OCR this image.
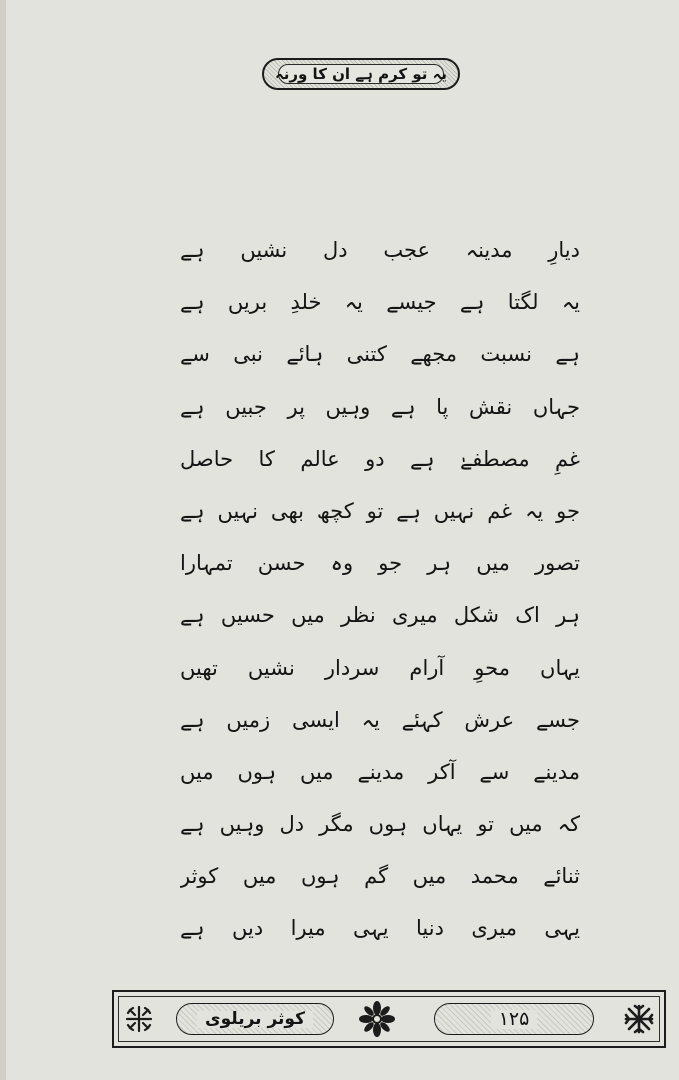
یہ تو کرم ہے ان کا ورنہ
دیارِ مدینہ عجب دل نشیں ہے
یہ لگتا ہے جیسے یہ خلدِ بریں ہے
ہے نسبت مجھے کتنی ہائے نبی سے
جہاں نقش پا ہے وہیں پر جبیں ہے
غمِ مصطفےٰ ہے دو عالم کا حاصل
جو یہ غم نہیں ہے تو کچھ بھی نہیں ہے
تصور میں ہر جو وہ حسن تمہارا
ہر اک شکل میری نظر میں حسیں ہے
یہاں محوِ آرام سردار نشیں تھیں
جسے عرش کہئے یہ ایسی زمیں ہے
مدینے سے آکر مدینے میں ہوں میں
کہ میں تو یہاں ہوں مگر دل وہیں ہے
ثنائے محمد میں گم ہوں میں کوثر
یہی میری دنیا یہی میرا دیں ہے
کوثر بریلوی	۱۲۵
